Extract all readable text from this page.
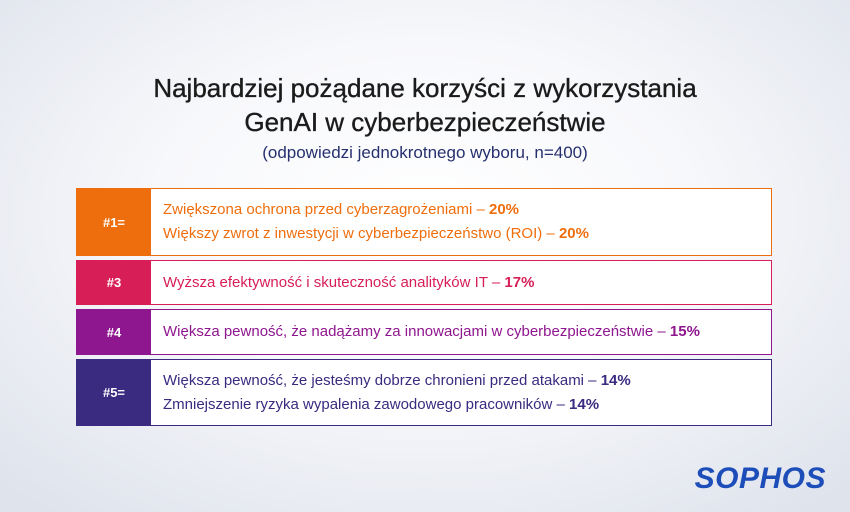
Najbardziej pożądane korzyści z wykorzystania
GenAI w cyberbezpieczeństwie
(odpowiedzi jednokrotnego wyboru, n=400)
#1=
Zwiększona ochrona przed cyberzagrożeniami – 20%
Większy zwrot z inwestycji w cyberbezpieczeństwo (ROI) – 20%
#3	Wyższa efektywność i skuteczność analityków IT – 17%
#4	Większa pewność, że nadążamy za innowacjami w cyberbezpieczeństwie – 15%
#5=
Większa pewność, że jesteśmy dobrze chronieni przed atakami – 14%
Zmniejszenie ryzyka wypalenia zawodowego pracowników – 14%
SOPHOS
